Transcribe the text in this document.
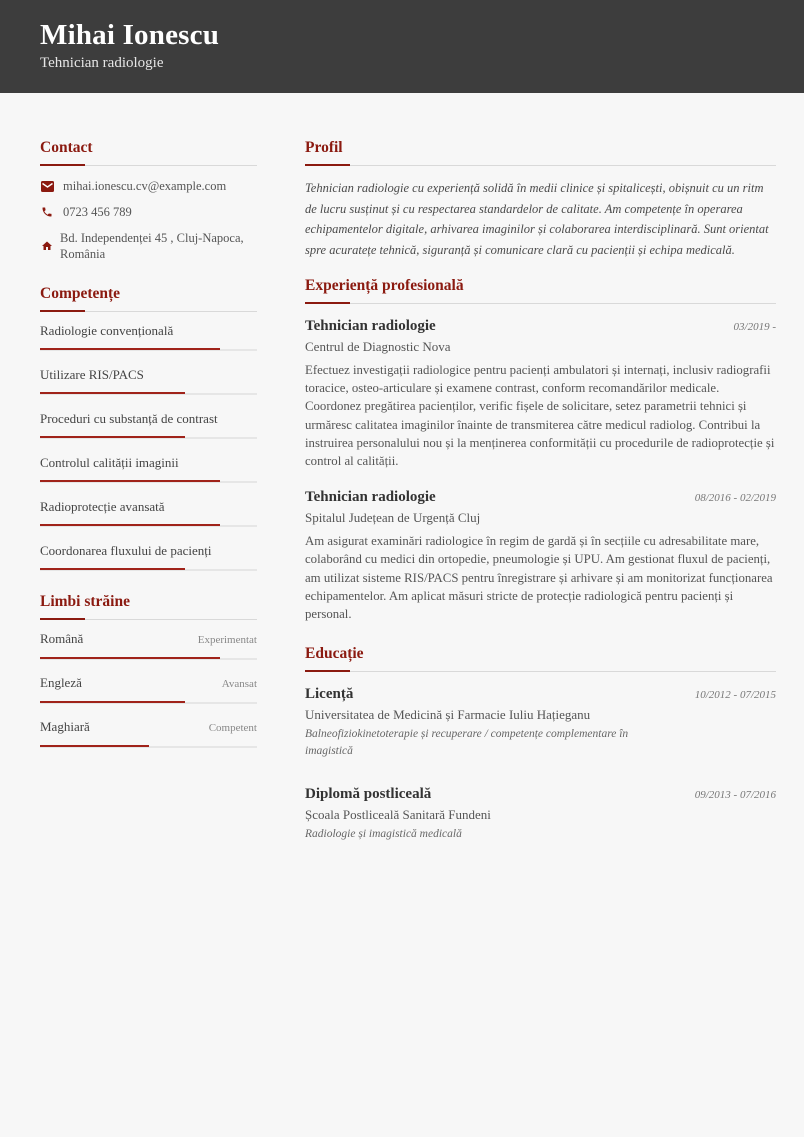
Mihai Ionescu
Tehnician radiologie
Contact
mihai.ionescu.cv@example.com
0723 456 789
Bd. Independenței 45 , Cluj-Napoca, România
Competențe
Radiologie convențională
Utilizare RIS/PACS
Proceduri cu substanță de contrast
Controlul calității imaginii
Radioprotecție avansată
Coordonarea fluxului de pacienți
Limbi străine
Română	Experimentat
Engleză	Avansat
Maghiară	Competent
Profil

Tehnician radiologie cu experiență solidă în medii clinice și spitalicești, obișnuit cu un ritm de lucru susținut și cu respectarea standardelor de calitate. Am competențe în operarea echipamentelor digitale, arhivarea imaginilor și colaborarea interdisciplinară. Sunt orientat spre acuratețe tehnică, siguranță și comunicare clară cu pacienții și echipa medicală.

Experiență profesională
Tehnician radiologie	03/2019 -
Centrul de Diagnostic Nova

Efectuez investigații radiologice pentru pacienți ambulatori și internați, inclusiv radiografii toracice, osteo-articulare și examene contrast, conform recomandărilor medicale. Coordonez pregătirea pacienților, verific fișele de solicitare, setez parametrii tehnici și urmăresc calitatea imaginilor înainte de transmiterea către medicul radiolog. Contribui la instruirea personalului nou și la menținerea conformității cu procedurile de radioprotecție și control al calității.

Tehnician radiologie	08/2016 - 02/2019
Spitalul Județean de Urgență Cluj

Am asigurat examinări radiologice în regim de gardă și în secțiile cu adresabilitate mare, colaborând cu medici din ortopedie, pneumologie și UPU. Am gestionat fluxul de pacienți, am utilizat sisteme RIS/PACS pentru înregistrare și arhivare și am monitorizat funcționarea echipamentelor. Am aplicat măsuri stricte de protecție radiologică pentru pacienți și personal.

Educație
Licență	10/2012 - 07/2015
Universitatea de Medicină și Farmacie Iuliu Hațieganu
Balneofiziokinetoterapie și recuperare / competențe complementare în imagistică
Diplomă postliceală	09/2013 - 07/2016
Școala Postliceală Sanitară Fundeni
Radiologie și imagistică medicală
